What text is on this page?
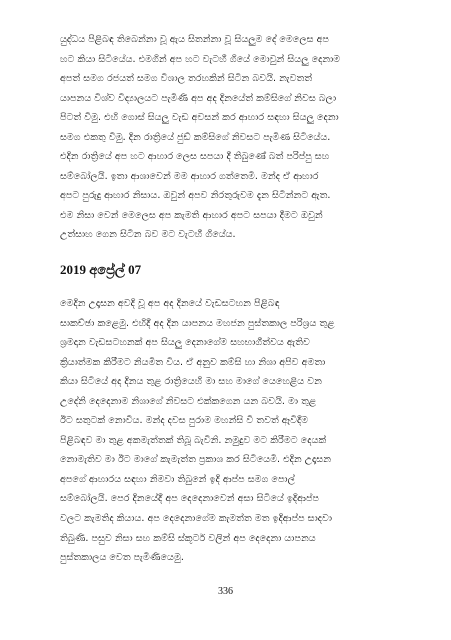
යුද්ධය පිළිබඳ තිබෙන්නා වූ ඇය සිතන්නා වූ සියලුම දේ මෙලෙස අප
හට කියා සිටියේය. එමගින් අප හට වැටහී ගියේ මොවුන් සියලු දෙනාම
අපත් සමග රජයත් සමග විශාල තරහකින් සිටින බවයි. නැවතත්
යාපනය විශ්ව විද්‍යාලයට පැමිණි අප අද දිනයේත් කම්සිගේ නිවස බලා
පිටත් වීමු. එහි ගොස් සියලු වැඩ අවසන් කර ආහාර සඳහා සියලු දෙනා
සමග එකතු වීමු. දින රාත්‍රියේ ජුඩ් කම්සිගේ නිවසට පැමිණ සිටියේය.
එදින රාත්‍රියේ අප හට ආහාර ලෙස සපයා දී තිබුණේ බත් පරිප්පු සහ
සම්බෝලයි. ඉතා ආශාවෙන් මම ආහාර ගත්තෙමි. මන්ද ඒ ආහාර
අපට පුරුදු ආහාර නිසාය. ඔවුන් අපව නිරතුරුවම දැන සිටින්නට ඇත.
එම නිසා වෙන් මෙලෙස අප කැමති ආහාර අපට සපයා දීමට ඔවුන්
උත්සාහ ගෙන සිටින බව මට වැටහී ගියේය.
2019 අප්‍රේල් 07
මෙදින උදෑසන අවදි වූ අප අද දිනයේ වැඩසටහන පිළිබඳ
සාකච්ඡා කළෙමු. එහිදී අද දින යාපනය මහජන පුස්තකාල පරිශ්‍රය තුළ
ශ්‍රමදාන වැඩසටහනක් අප සියලු දෙනාගේම සහභාගීත්වය ඇතිව
ක්‍රියාත්මක කිරීමට නියමිත විය. ඒ අනුව කම්සි හා නිශා අපිව අමතා
කියා සිටියේ අද දිනය තුළ රාත්‍රියෙහි මා සහ මාගේ යෙහෙළිය වන
උදේනි දෙදෙනාම නිශාගේ නිවසට එක්කගෙන යන බවයි. මා තුළ
ඊට සතුටක් නොවීය. මන්ද දවස පුරාම මහන්සි වී තවත් ඈවිදීම
පිළිබඳව මා තුළ අකමැත්තක් තිබූ බැවිනි. නමුදුව මට කිරීමට දෙයක්
නොමැතිව මා ඊට මාගේ කැමැත්ත ප්‍රකාශ කර සිටියෙමි. එදින උදෑසන
අපගේ ආහාරය සඳහා නිමවා තිබුනේ ඉදි ආප්ප සමග පොල්
සම්බෝලයි. පෙර දිනයේදී අප දෙදෙනාවෙන් අසා සිටියේ ඉදිආප්ප
වලට කැමතිද කියාය. අප දෙදෙනාගේම කැමත්ත මත ඉදිආප්ප සාදවා
තිබුණි. පසුව නිසා සහ කම්සි ස්කූටර් වලින් අප දෙදෙනා යාපනය
පුස්තකාලය වෙත පැමිණියෙමු.
336
